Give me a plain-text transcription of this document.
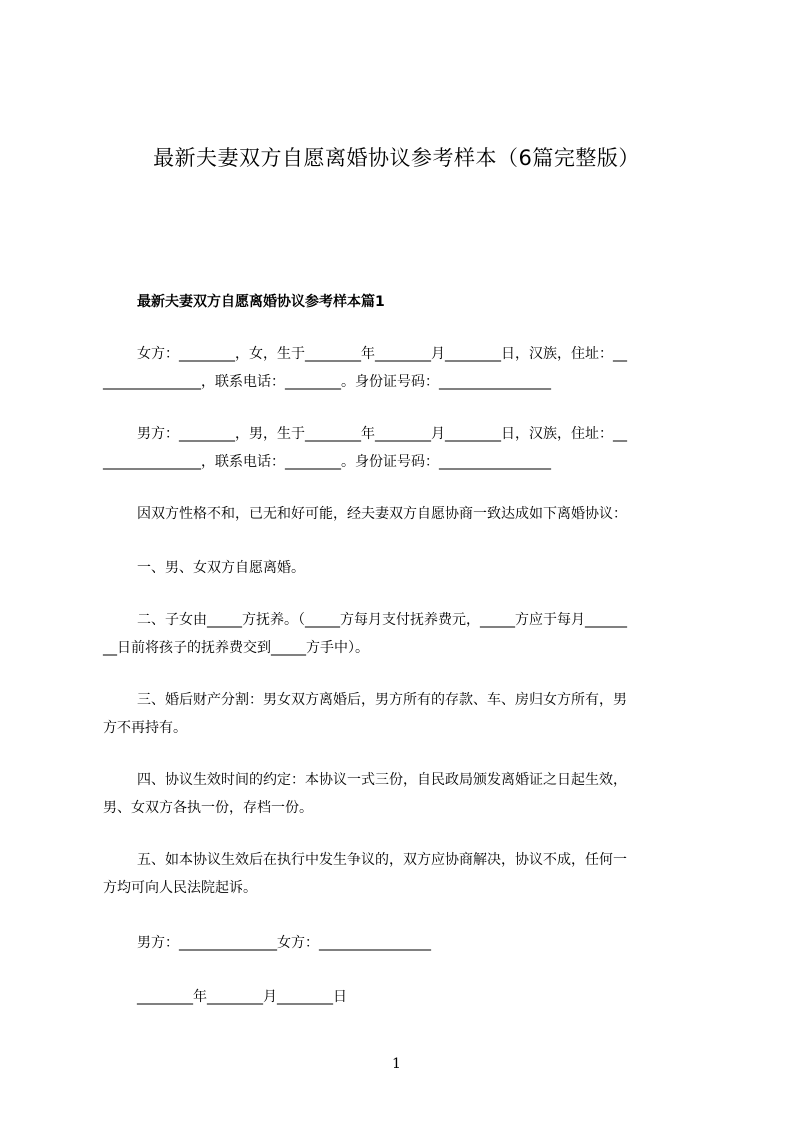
最新夫妻双方自愿离婚协议参考样本（6篇完整版）
最新夫妻双方自愿离婚协议参考样本篇1
女方：________，女，生于________年________月________日，汉族，住址：__
______________，联系电话：________。身份证号码：________________
男方：________，男，生于________年________月________日，汉族，住址：__
______________，联系电话：________。身份证号码：________________
因双方性格不和，已无和好可能，经夫妻双方自愿协商一致达成如下离婚协议：
一、男、女双方自愿离婚。
二、子女由_____方抚养。（_____方每月支付抚养费元，_____方应于每月______
__日前将孩子的抚养费交到_____方手中）。
三、婚后财产分割：男女双方离婚后，男方所有的存款、车、房归女方所有，男
方不再持有。
四、协议生效时间的约定：本协议一式三份，自民政局颁发离婚证之日起生效，
男、女双方各执一份，存档一份。
五、如本协议生效后在执行中发生争议的，双方应协商解决，协议不成，任何一
方均可向人民法院起诉。
男方：______________女方：________________
________年________月________日
1
